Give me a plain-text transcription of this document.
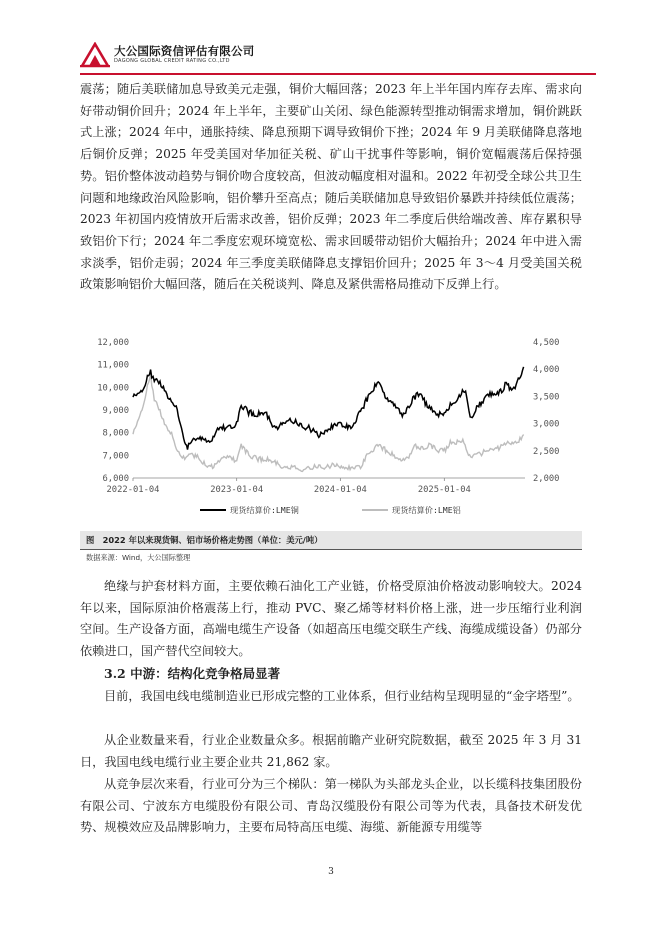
大公国际资信评估有限公司
DAGONG GLOBAL CREDIT RATING CO.,LTD

震荡；随后美联储加息导致美元走强，铜价大幅回落；2023 年上半年国内库存去库、需求向好带动铜价回升；2024 年上半年，主要矿山关闭、绿色能源转型推动铜需求增加，铜价跳跃式上涨；2024 年中，通胀持续、降息预期下调导致铜价下挫；2024 年 9 月美联储降息落地后铜价反弹；2025 年受美国对华加征关税、矿山干扰事件等影响，铜价宽幅震荡后保持强势。铝价整体波动趋势与铜价吻合度较高，但波动幅度相对温和。2022 年初受全球公共卫生问题和地缘政治风险影响，铝价攀升至高点；随后美联储加息导致铝价暴跌并持续低位震荡；2023 年初国内疫情放开后需求改善，铝价反弹；2023 年二季度后供给端改善、库存累积导致铝价下行；2024 年二季度宏观环境宽松、需求回暖带动铝价大幅抬升；2024 年中进入需求淡季，铝价走弱；2024 年三季度美联储降息支撑铝价回升；2025 年 3～4 月受美国关税政策影响铝价大幅回落，随后在关税谈判、降息及紧供需格局推动下反弹上行。

6,000
7,000
8,000
9,000
10,000
11,000
12,000
2,000
2,500
3,000
3,500
4,000
4,500
2022-01-04	2023-01-04	2024-01-04	2025-01-04
现货结算价:LME铜	现货结算价:LME铝
图　2022 年以来现货铜、铝市场价格走势图（单位：美元/吨）
数据来源：Wind，大公国际整理

绝缘与护套材料方面，主要依赖石油化工产业链，价格受原油价格波动影响较大。2024 年以来，国际原油价格震荡上行，推动 PVC、聚乙烯等材料价格上涨，进一步压缩行业利润空间。生产设备方面，高端电缆生产设备（如超高压电缆交联生产线、海缆成缆设备）仍部分依赖进口，国产替代空间较大。

3.2 中游：结构化竞争格局显著

目前，我国电线电缆制造业已形成完整的工业体系，但行业结构呈现明显的“金字塔型”。

从企业数量来看，行业企业数量众多。根据前瞻产业研究院数据，截至 2025 年 3 月 31 日，我国电线电缆行业主要企业共 21,862 家。

从竞争层次来看，行业可分为三个梯队：第一梯队为头部龙头企业，以长缆科技集团股份有限公司、宁波东方电缆股份有限公司、青岛汉缆股份有限公司等为代表，具备技术研发优势、规模效应及品牌影响力，主要布局特高压电缆、海缆、新能源专用缆等

3
